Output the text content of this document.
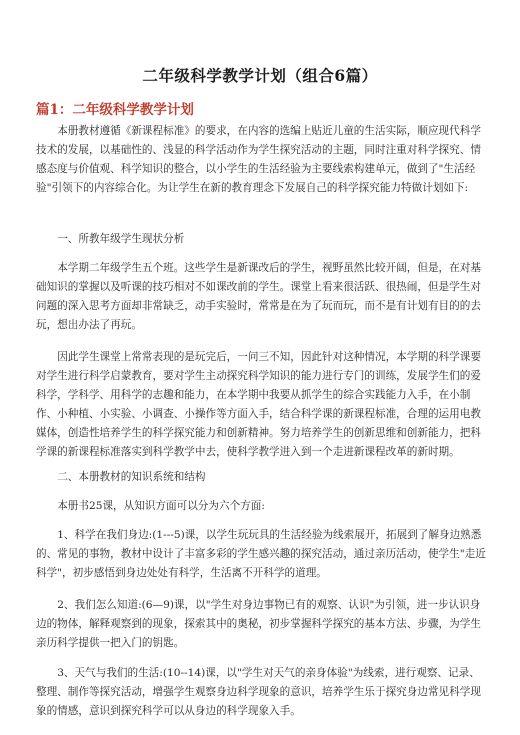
二年级科学教学计划（组合6篇）
篇1：二年级科学教学计划
本册教材遵循《新课程标准》的要求，在内容的选编上贴近儿童的生活实际，顺应现代科学技术的发展，以基础性的、浅显的科学活动作为学生探究活动的主题，同时注重对科学探究、情感态度与价值观、科学知识的整合，以小学生的生活经验为主要线索构建单元，做到了"生活经验"引领下的内容综合化。为让学生在新的教育理念下发展自己的科学探究能力特做计划如下:
一、所教年级学生现状分析
本学期二年级学生五个班。这些学生是新课改后的学生，视野虽然比较开阔，但是，在对基础知识的掌握以及听课的技巧相对不如课改前的学生。课堂上看来很活跃、很热闹，但是学生对问题的深入思考方面却非常缺乏，动手实验时，常常是在为了玩而玩，而不是有计划有目的的去玩，想出办法了再玩。
因此学生课堂上常常表现的是玩完后，一问三不知，因此针对这种情况，本学期的科学课要对学生进行科学启蒙教育，要对学生主动探究科学知识的能力进行专门的训练，发展学生们的爱科学，学科学、用科学的志趣和能力，在本学期中我要从抓学生的综合实践能力入手，在小制作、小种植、小实验、小调查、小操作等方面入手，结合科学课的新课程标准，合理的运用电教媒体，创造性培养学生的科学探究能力和创新精神。努力培养学生的创新思维和创新能力，把科学课的新课程标准落实到科学教学中去，使科学教学进入到一个走进新课程改革的新时期。
二、本册教材的知识系统和结构
本册书25课，从知识方面可以分为六个方面:
1、科学在我们身边:(1---5)课，以学生玩玩具的生活经验为线索展开，拓展到了解身边熟悉的、常见的事物，教材中设计了丰富多彩的学生感兴趣的探究活动，通过亲历活动，使学生"走近科学"，初步感悟到身边处处有科学，生活离不开科学的道理。
2、我们怎么知道:(6—9)课，以"学生对身边事物已有的观察、认识"为引领，进一步认识身边的物体，解释观察到的现象，探索其中的奥秘，初步掌握科学探究的基本方法、步骤，为学生亲历科学提供一把入门的钥匙。
3、天气与我们的生活:(10--14)课，以"学生对天气的亲身体验"为线索，进行观察、记录、整理、制作等探究活动，增强学生观察身边科学现象的意识，培养学生乐于探究身边常见科学现象的情感，意识到探究科学可以从身边的科学现象入手。
